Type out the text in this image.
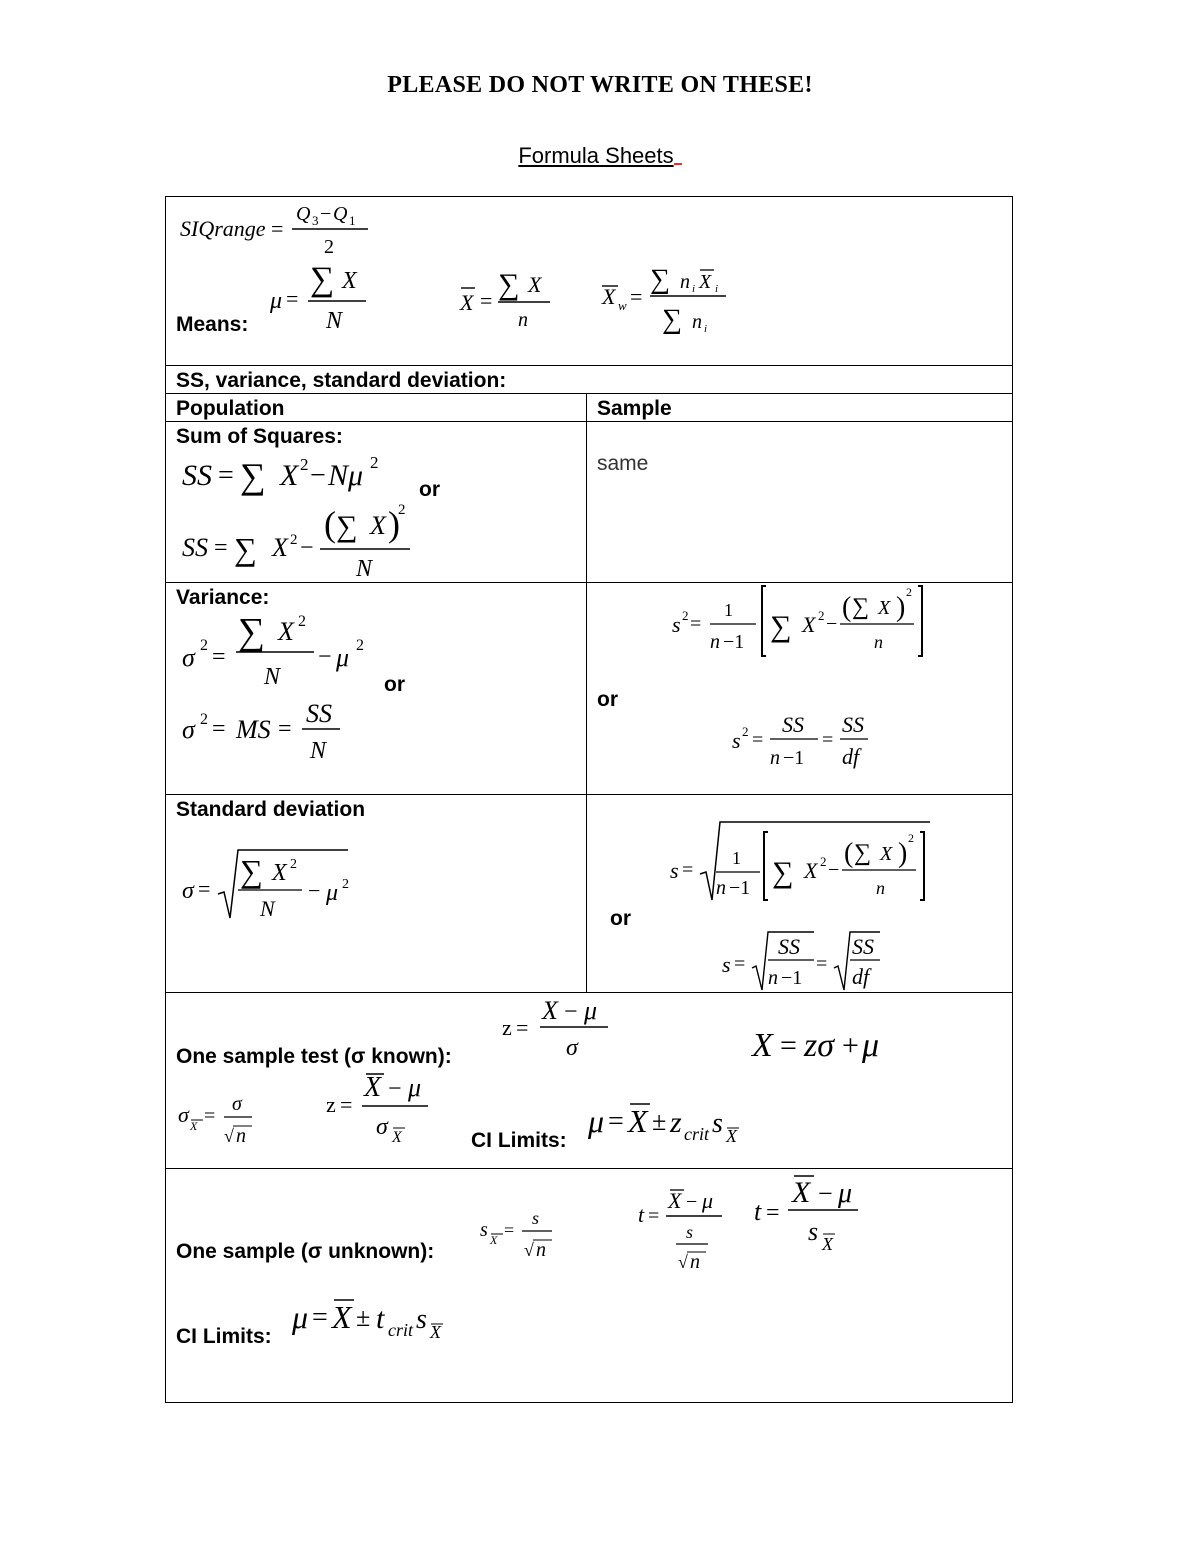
PLEASE DO NOT WRITE ON THESE!
Formula Sheets
SIQrange =
Q 3 − Q 1
2
Means:
μ =
∑ X
N
X = ∑ X
n
X w =
∑ n i X i
∑ n i
SS, variance, standard deviation:
Population	Sample
Sum of Squares:
SS = ∑ X 2 − Nμ 2
or
SS = ∑ X 2 −
( ∑ X )
2
N
same
Variance:
σ 2 =
∑ X 2
N
− μ 2
or
σ 2 = MS =
SS
N
s 2 =
1
n −1 ∑ X 2 −
( ∑ X ) 2
n
or
s 2 =
SS
n −1
=
SS
df
Standard deviation
σ = ∑ X 2
N
− μ 2
s =
1
n −1 ∑ X 2 −
( ∑ X ) 2
n
or
s =
SS
n −1
=
SS
df
z =
X − μ
σ	X = zσ + μ
One sample test (σ known):
σ X =
σ
√ n
z =
X − μ
σ X	CI Limits:
μ = X ± z crit s X
t =
X − μ
s
√ n
t =
X − μ
s X
s X =
s
√ n
One sample (σ unknown):
CI Limits:
μ = X ± t crit s X
